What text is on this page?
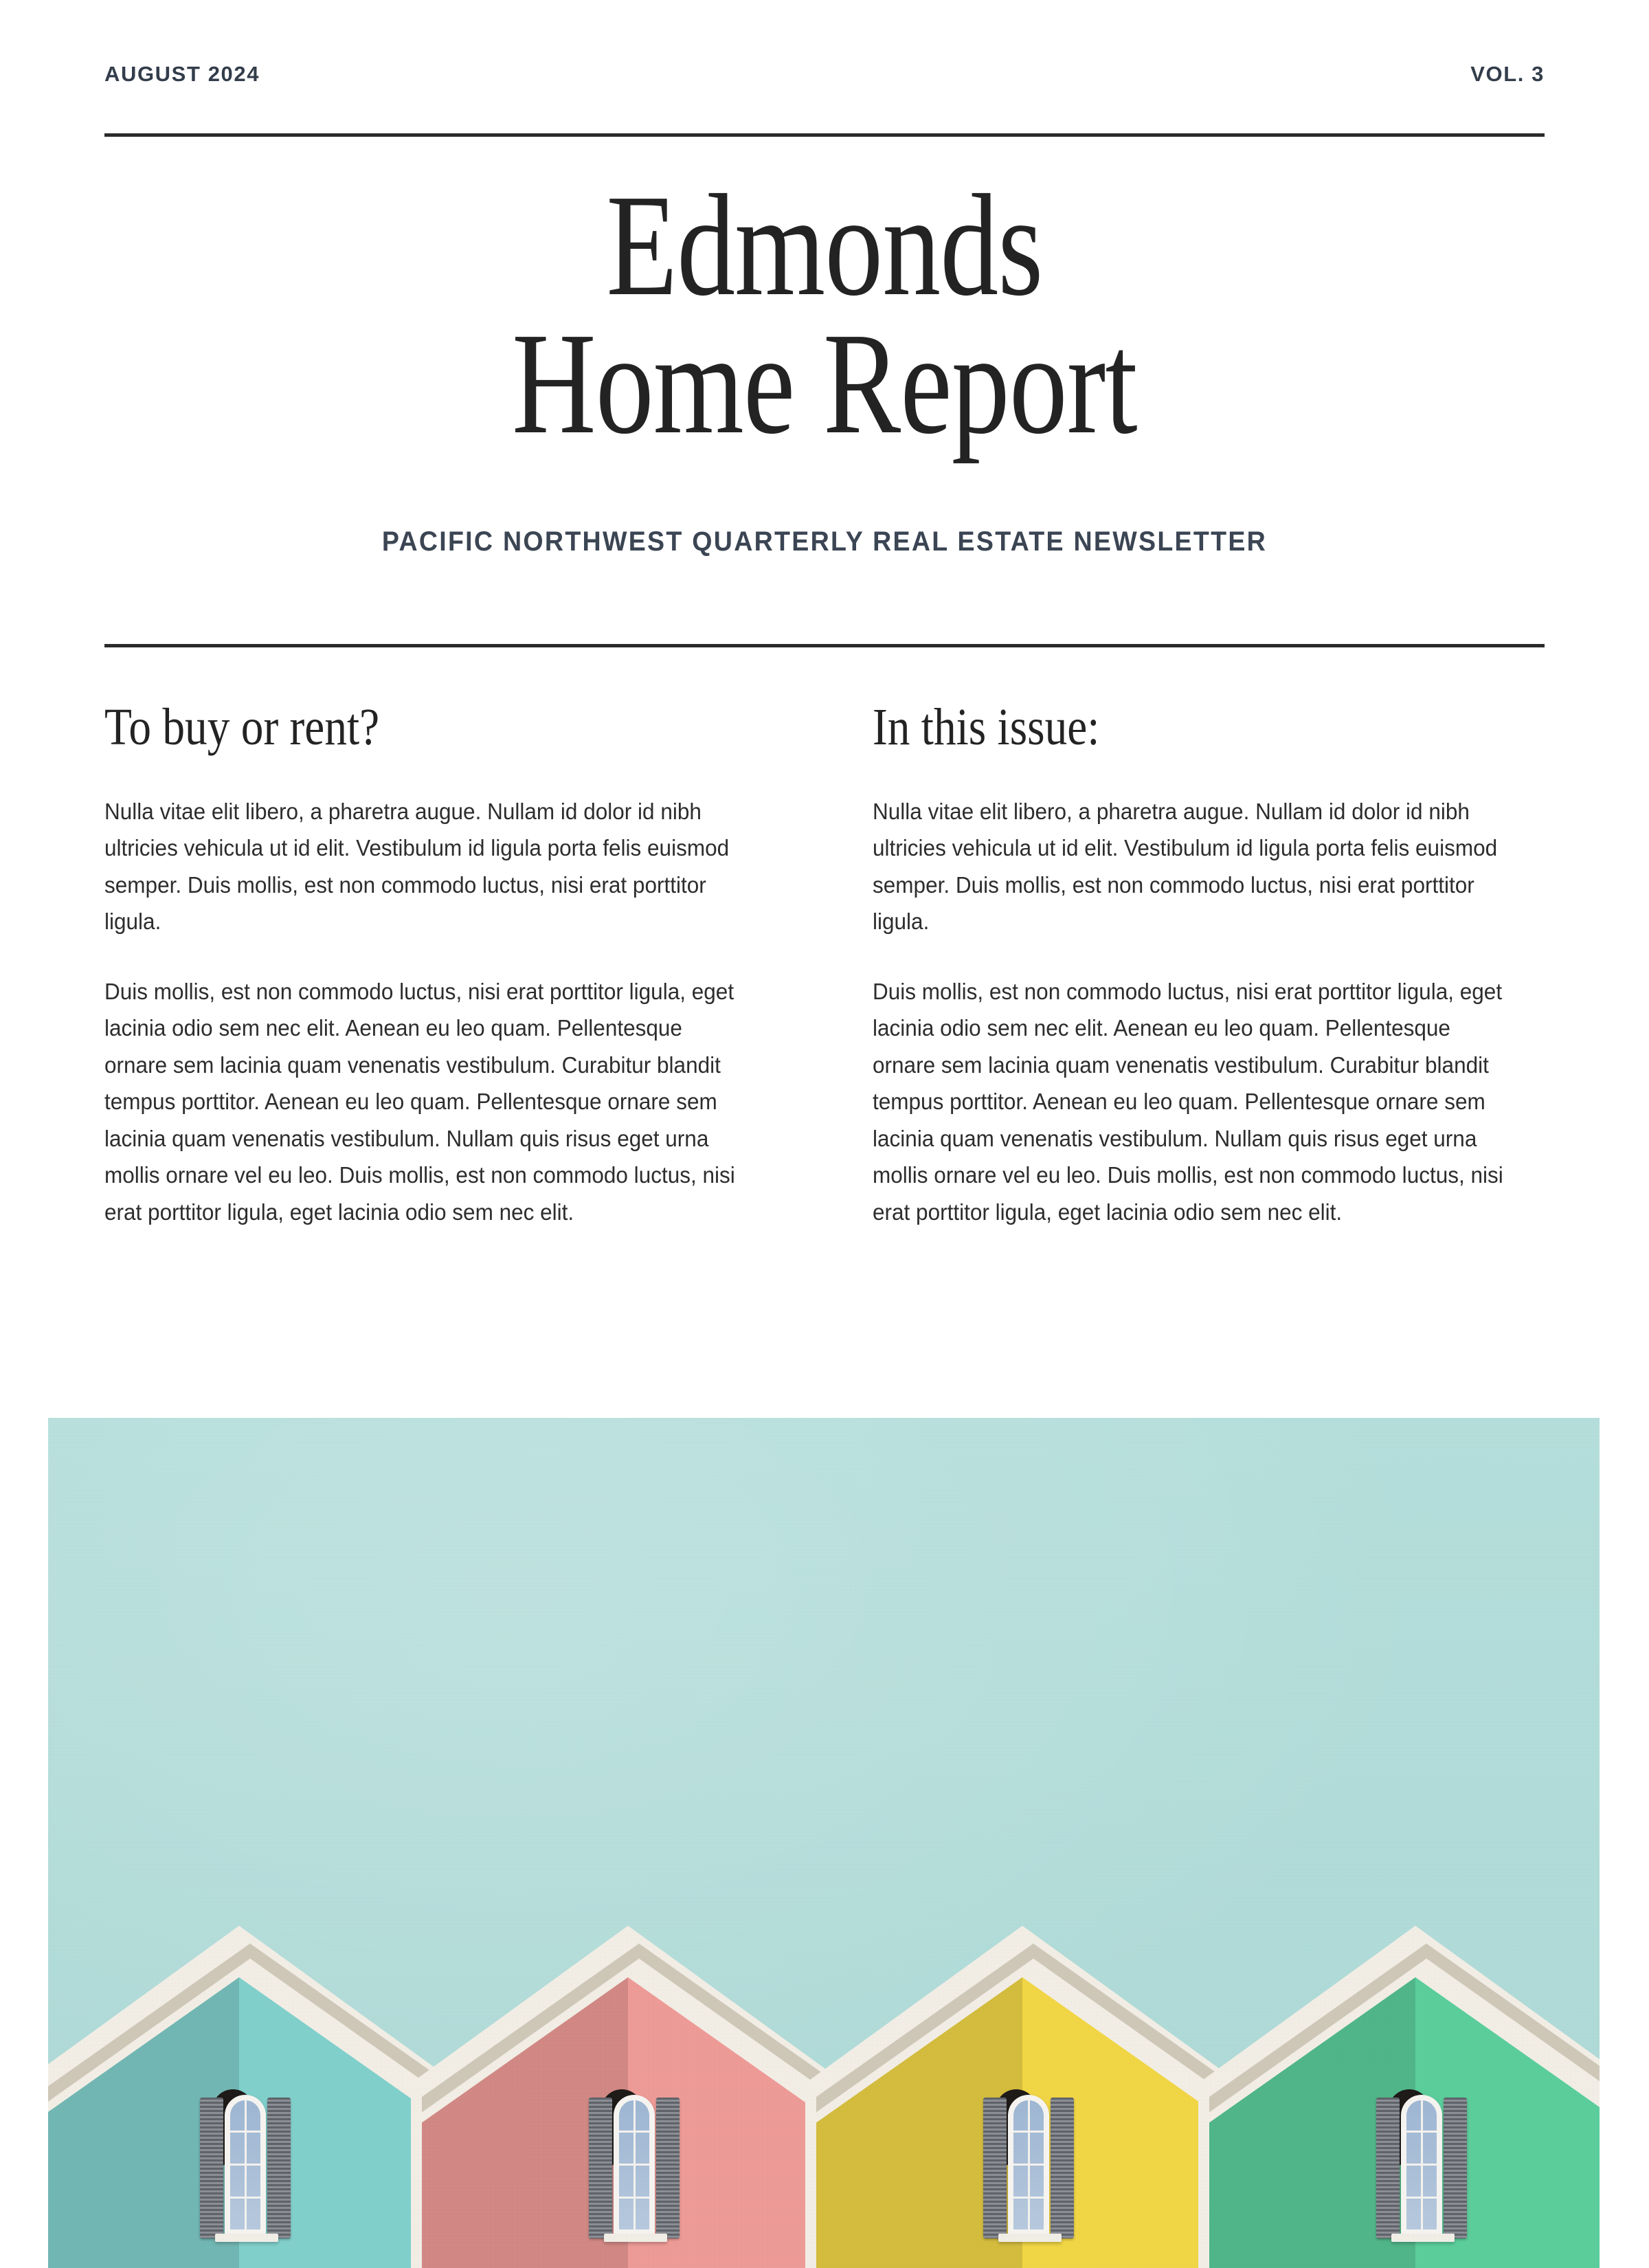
AUGUST 2024	VOL. 3
Edmonds
Home Report
PACIFIC NORTHWEST QUARTERLY REAL ESTATE NEWSLETTER
To buy or rent?

Nulla vitae elit libero, a pharetra augue. Nullam id dolor id nibh ultricies vehicula ut id elit. Vestibulum id ligula porta felis euismod semper. Duis mollis, est non commodo luctus, nisi erat porttitor ligula.

Duis mollis, est non commodo luctus, nisi erat porttitor ligula, eget lacinia odio sem nec elit. Aenean eu leo quam. Pellentesque ornare sem lacinia quam venenatis vestibulum. Curabitur blandit tempus porttitor. Aenean eu leo quam. Pellentesque ornare sem lacinia quam venenatis vestibulum. Nullam quis risus eget urna mollis ornare vel eu leo. Duis mollis, est non commodo luctus, nisi erat porttitor ligula, eget lacinia odio sem nec elit.

In this issue:

Nulla vitae elit libero, a pharetra augue. Nullam id dolor id nibh ultricies vehicula ut id elit. Vestibulum id ligula porta felis euismod semper. Duis mollis, est non commodo luctus, nisi erat porttitor ligula.

Duis mollis, est non commodo luctus, nisi erat porttitor ligula, eget lacinia odio sem nec elit. Aenean eu leo quam. Pellentesque ornare sem lacinia quam venenatis vestibulum. Curabitur blandit tempus porttitor. Aenean eu leo quam. Pellentesque ornare sem lacinia quam venenatis vestibulum. Nullam quis risus eget urna mollis ornare vel eu leo. Duis mollis, est non commodo luctus, nisi erat porttitor ligula, eget lacinia odio sem nec elit.
